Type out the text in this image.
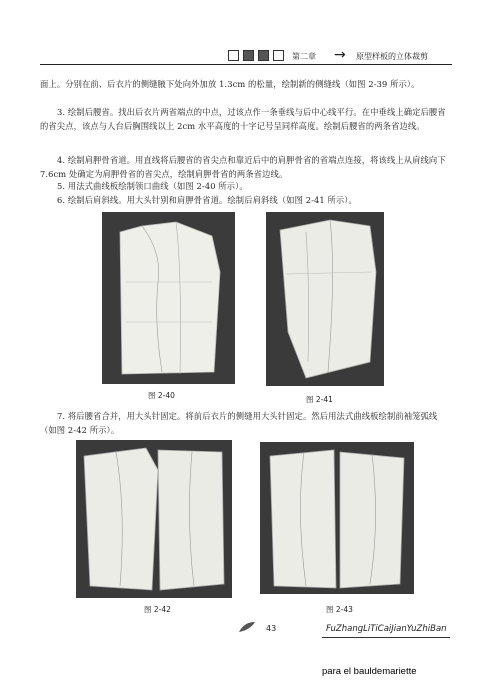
第二章 → 原型样板的立体裁剪
面上。分别在前、后衣片的侧缝腋下处向外加放 1.3cm 的松量，绘制新的侧缝线（如图 2-39 所示）。
3. 绘制后腰省。找出后衣片两省端点的中点，过该点作一条垂线与后中心线平行。在中垂线上确定后腰省的省尖点，该点与人台后胸围线以上 2cm 水平高度的十字记号呈同样高度。绘制后腰省的两条省边线。
4. 绘制肩胛骨省道。用直线将后腰省的省尖点和靠近后中的肩胛骨省的省端点连接，将该线上从肩线向下 7.6cm 处确定为肩胛骨省的省尖点，绘制肩胛骨省的两条省边线。
5. 用法式曲线板绘制领口曲线（如图 2-40 所示）。
6. 绘制后肩斜线。用大头针别和肩胛骨省道。绘制后肩斜线（如图 2-41 所示）。
图 2-40	图 2-41
7. 将后腰省合并，用大头针固定。将前后衣片的侧缝用大头针固定。然后用法式曲线板绘制前袖笼弧线（如图 2-42 所示）。
图 2-42	图 2-43
43	FuZhangLiTiCaiJianYuZhiBan
para el bauldemariette
